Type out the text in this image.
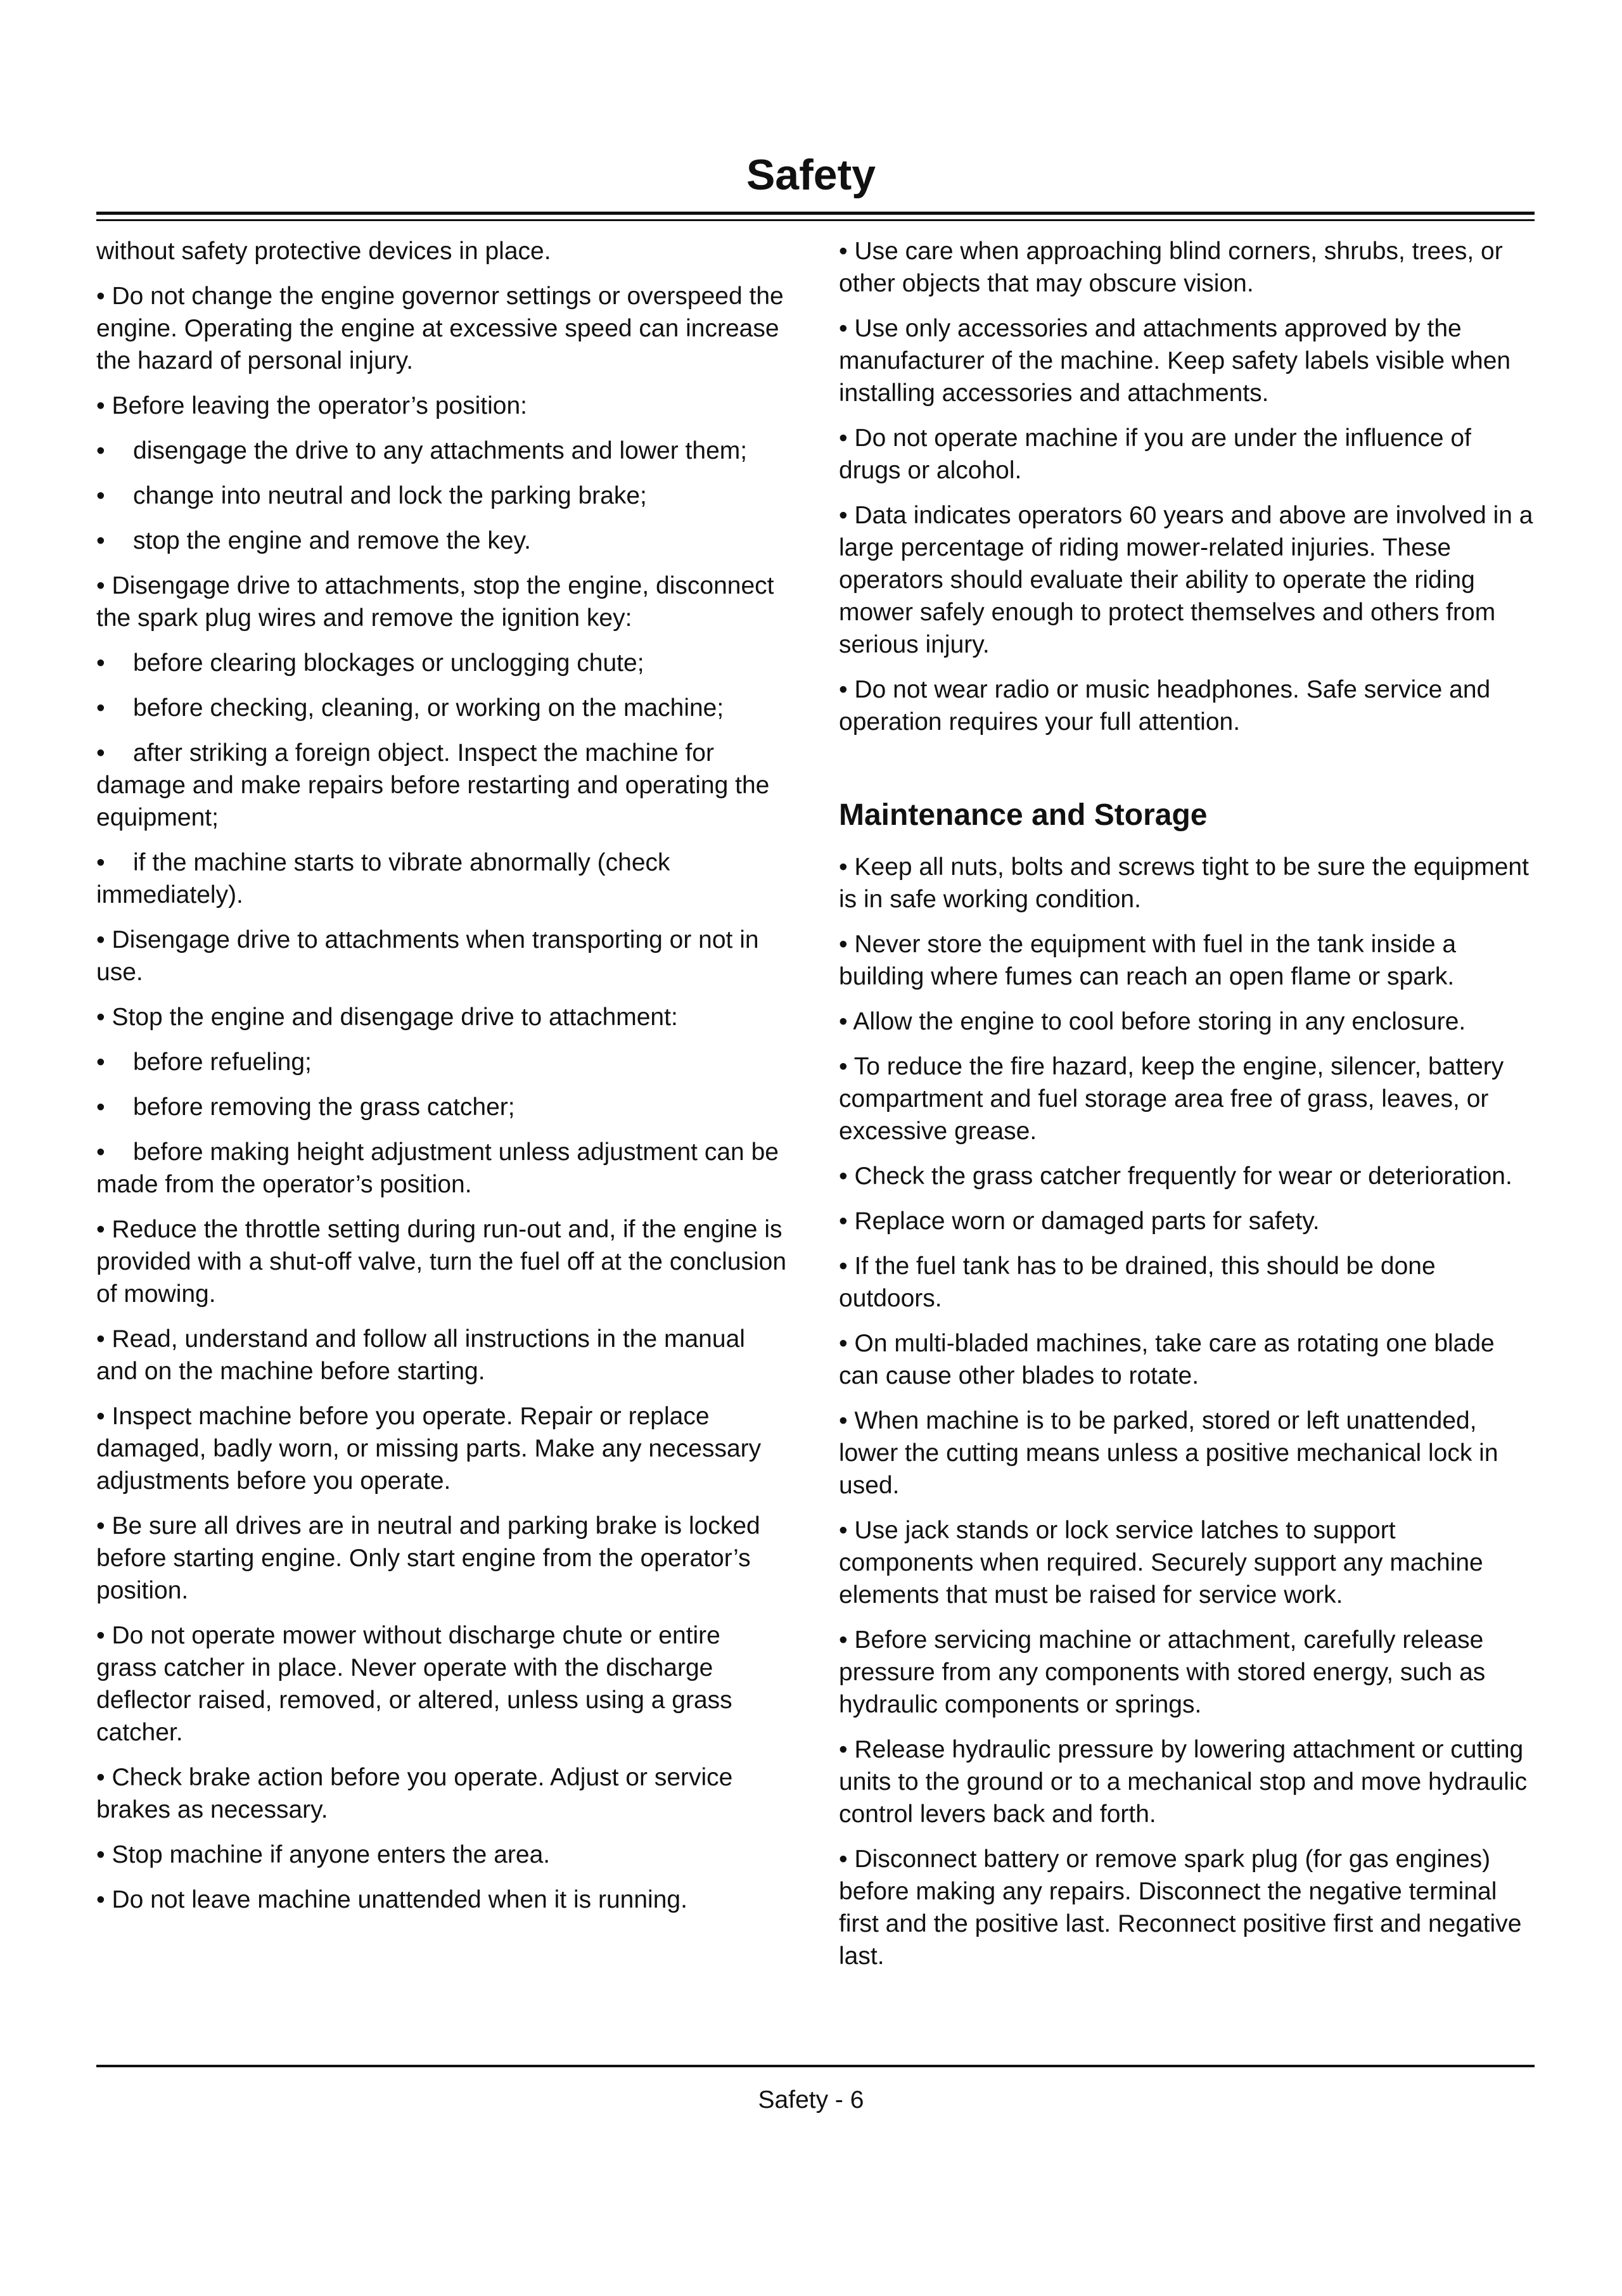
Safety

without safety protective devices in place.

• Do not change the engine governor settings or overspeed the engine. Operating the engine at excessive speed can increase the hazard of personal injury.

• Before leaving the operator’s position:

• disengage the drive to any attachments and lower them;

• change into neutral and lock the parking brake;

• stop the engine and remove the key.

• Disengage drive to attachments, stop the engine, disconnect the spark plug wires and remove the ignition key:

• before clearing blockages or unclogging chute;

• before checking, cleaning, or working on the machine;

• after striking a foreign object. Inspect the machine for damage and make repairs before restarting and operating the equipment;

• if the machine starts to vibrate abnormally (check immediately).

• Disengage drive to attachments when transporting or not in use.

• Stop the engine and disengage drive to attachment:

• before refueling;

• before removing the grass catcher;

• before making height adjustment unless adjustment can be made from the operator’s position.

• Reduce the throttle setting during run-out and, if the engine is provided with a shut-off valve, turn the fuel off at the conclusion of mowing.

• Read, understand and follow all instructions in the manual and on the machine before starting.

• Inspect machine before you operate. Repair or replace damaged, badly worn, or missing parts. Make any necessary adjustments before you operate.

• Be sure all drives are in neutral and parking brake is locked before starting engine. Only start engine from the operator’s position.

• Do not operate mower without discharge chute or entire grass catcher in place. Never operate with the discharge deflector raised, removed, or altered, unless using a grass catcher.

• Check brake action before you operate. Adjust or service brakes as necessary.

• Stop machine if anyone enters the area.

• Do not leave machine unattended when it is running.

• Use care when approaching blind corners, shrubs, trees, or other objects that may obscure vision.

• Use only accessories and attachments approved by the manufacturer of the machine. Keep safety labels visible when installing accessories and attachments.

• Do not operate machine if you are under the influence of drugs or alcohol.

• Data indicates operators 60 years and above are involved in a large percentage of riding mower-related injuries. These operators should evaluate their ability to operate the riding mower safely enough to protect themselves and others from serious injury.

• Do not wear radio or music headphones. Safe service and operation requires your full attention.

Maintenance and Storage

• Keep all nuts, bolts and screws tight to be sure the equipment is in safe working condition.

• Never store the equipment with fuel in the tank inside a building where fumes can reach an open flame or spark.

• Allow the engine to cool before storing in any enclosure.

• To reduce the fire hazard, keep the engine, silencer, battery compartment and fuel storage area free of grass, leaves, or excessive grease.

• Check the grass catcher frequently for wear or deterioration.

• Replace worn or damaged parts for safety.

• If the fuel tank has to be drained, this should be done outdoors.

• On multi-bladed machines, take care as rotating one blade can cause other blades to rotate.

• When machine is to be parked, stored or left unattended, lower the cutting means unless a positive mechanical lock in used.

• Use jack stands or lock service latches to support components when required. Securely support any machine elements that must be raised for service work.

• Before servicing machine or attachment, carefully release pressure from any components with stored energy, such as hydraulic components or springs.

• Release hydraulic pressure by lowering attachment or cutting units to the ground or to a mechanical stop and move hydraulic control levers back and forth.

• Disconnect battery or remove spark plug (for gas engines) before making any repairs. Disconnect the negative terminal first and the positive last. Reconnect positive first and negative last.

Safety - 6
